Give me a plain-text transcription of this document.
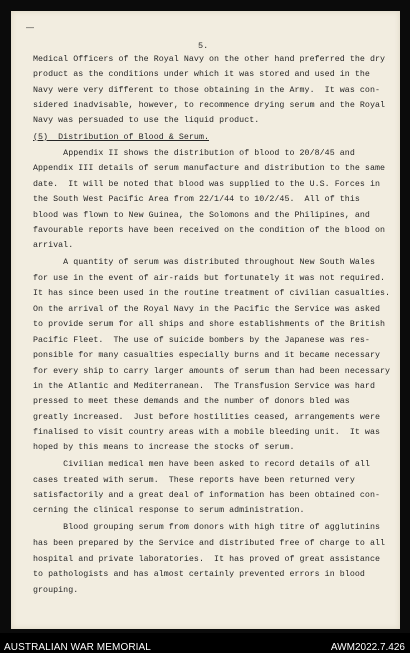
—
5.
Medical Officers of the Royal Navy on the other hand preferred the dry
product as the conditions under which it was stored and used in the
Navy were very different to those obtaining in the Army.  It was con-
sidered inadvisable, however, to recommence drying serum and the Royal
Navy was persuaded to use the liquid product.
(5)  Distribution of Blood & Serum.
Appendix II shows the distribution of blood to 20/8/45 and
Appendix III details of serum manufacture and distribution to the same
date.  It will be noted that blood was supplied to the U.S. Forces in
the South West Pacific Area from 22/1/44 to 10/2/45.  All of this
blood was flown to New Guinea, the Solomons and the Philipines, and
favourable reports have been received on the condition of the blood on
arrival.
A quantity of serum was distributed throughout New South Wales
for use in the event of air-raids but fortunately it was not required.
It has since been used in the routine treatment of civilian casualties.
On the arrival of the Royal Navy in the Pacific the Service was asked
to provide serum for all ships and shore establishments of the British
Pacific Fleet.  The use of suicide bombers by the Japanese was res-
ponsible for many casualties especially burns and it became necessary
for every ship to carry larger amounts of serum than had been necessary
in the Atlantic and Mediterranean.  The Transfusion Service was hard
pressed to meet these demands and the number of donors bled was
greatly increased.  Just before hostilities ceased, arrangements were
finalised to visit country areas with a mobile bleeding unit.  It was
hoped by this means to increase the stocks of serum.
Civilian medical men have been asked to record details of all
cases treated with serum.  These reports have been returned very
satisfactorily and a great deal of information has been obtained con-
cerning the clinical response to serum administration.
Blood grouping serum from donors with high titre of agglutinins
has been prepared by the Service and distributed free of charge to all
hospital and private laboratories.  It has proved of great assistance
to pathologists and has almost certainly prevented errors in blood
grouping.
AUSTRALIAN WAR MEMORIAL	AWM2022.7.426
